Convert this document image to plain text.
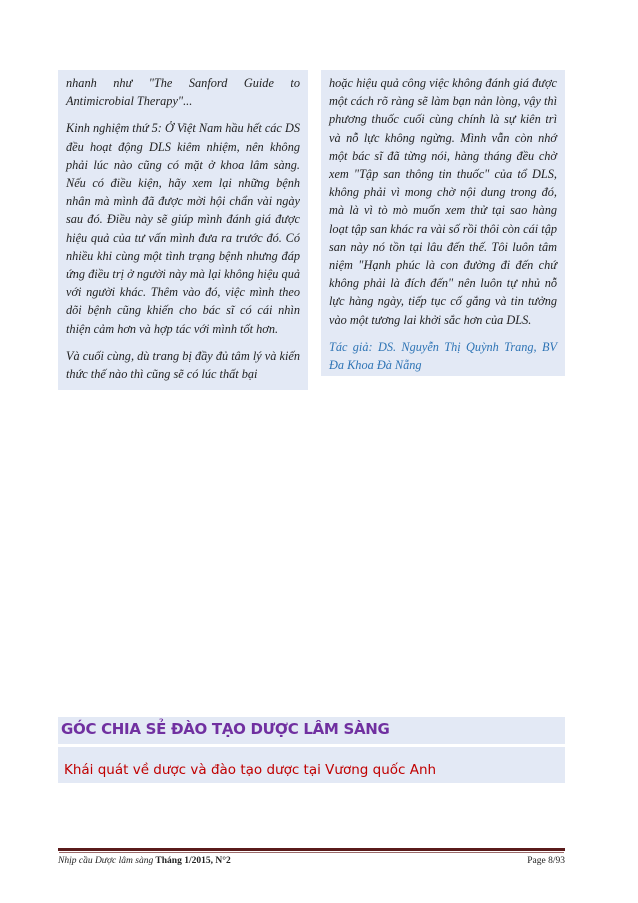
nhanh như "The Sanford Guide to Antimicrobial Therapy"...

Kinh nghiệm thứ 5: Ở Việt Nam hầu hết các DS đều hoạt động DLS kiêm nhiệm, nên không phải lúc nào cũng có mặt ở khoa lâm sàng. Nếu có điều kiện, hãy xem lại những bệnh nhân mà mình đã được mời hội chẩn vài ngày sau đó. Điều này sẽ giúp mình đánh giá được hiệu quả của tư vấn mình đưa ra trước đó. Có nhiều khi cùng một tình trạng bệnh nhưng đáp ứng điều trị ở người này mà lại không hiệu quả với người khác. Thêm vào đó, việc mình theo dõi bệnh cũng khiến cho bác sĩ có cái nhìn thiện cảm hơn và hợp tác với mình tốt hơn.

Và cuối cùng, dù trang bị đầy đủ tâm lý và kiến thức thế nào thì cũng sẽ có lúc thất bại

hoặc hiệu quả công việc không đánh giá được một cách rõ ràng sẽ làm bạn nản lòng, vậy thì phương thuốc cuối cùng chính là sự kiên trì và nỗ lực không ngừng. Mình vẫn còn nhớ một bác sĩ đã từng nói, hàng tháng đều chờ xem "Tập san thông tin thuốc" của tổ DLS, không phải vì mong chờ nội dung trong đó, mà là vì tò mò muốn xem thử tại sao hàng loạt tập san khác ra vài số rồi thôi còn cái tập san này nó tồn tại lâu đến thế. Tôi luôn tâm niệm "Hạnh phúc là con đường đi đến chứ không phải là đích đến" nên luôn tự nhủ nỗ lực hàng ngày, tiếp tục cố gắng và tin tưởng vào một tương lai khởi sắc hơn của DLS.

Tác giả: DS. Nguyễn Thị Quỳnh Trang, BV Đa Khoa Đà Nẵng

GÓC CHIA SẺ ĐÀO TẠO DƯỢC LÂM SÀNG
Khái quát về dược và đào tạo dược tại Vương quốc Anh
Nhịp cầu Dược lâm sàng Tháng 1/2015, N°2	Page 8/93
